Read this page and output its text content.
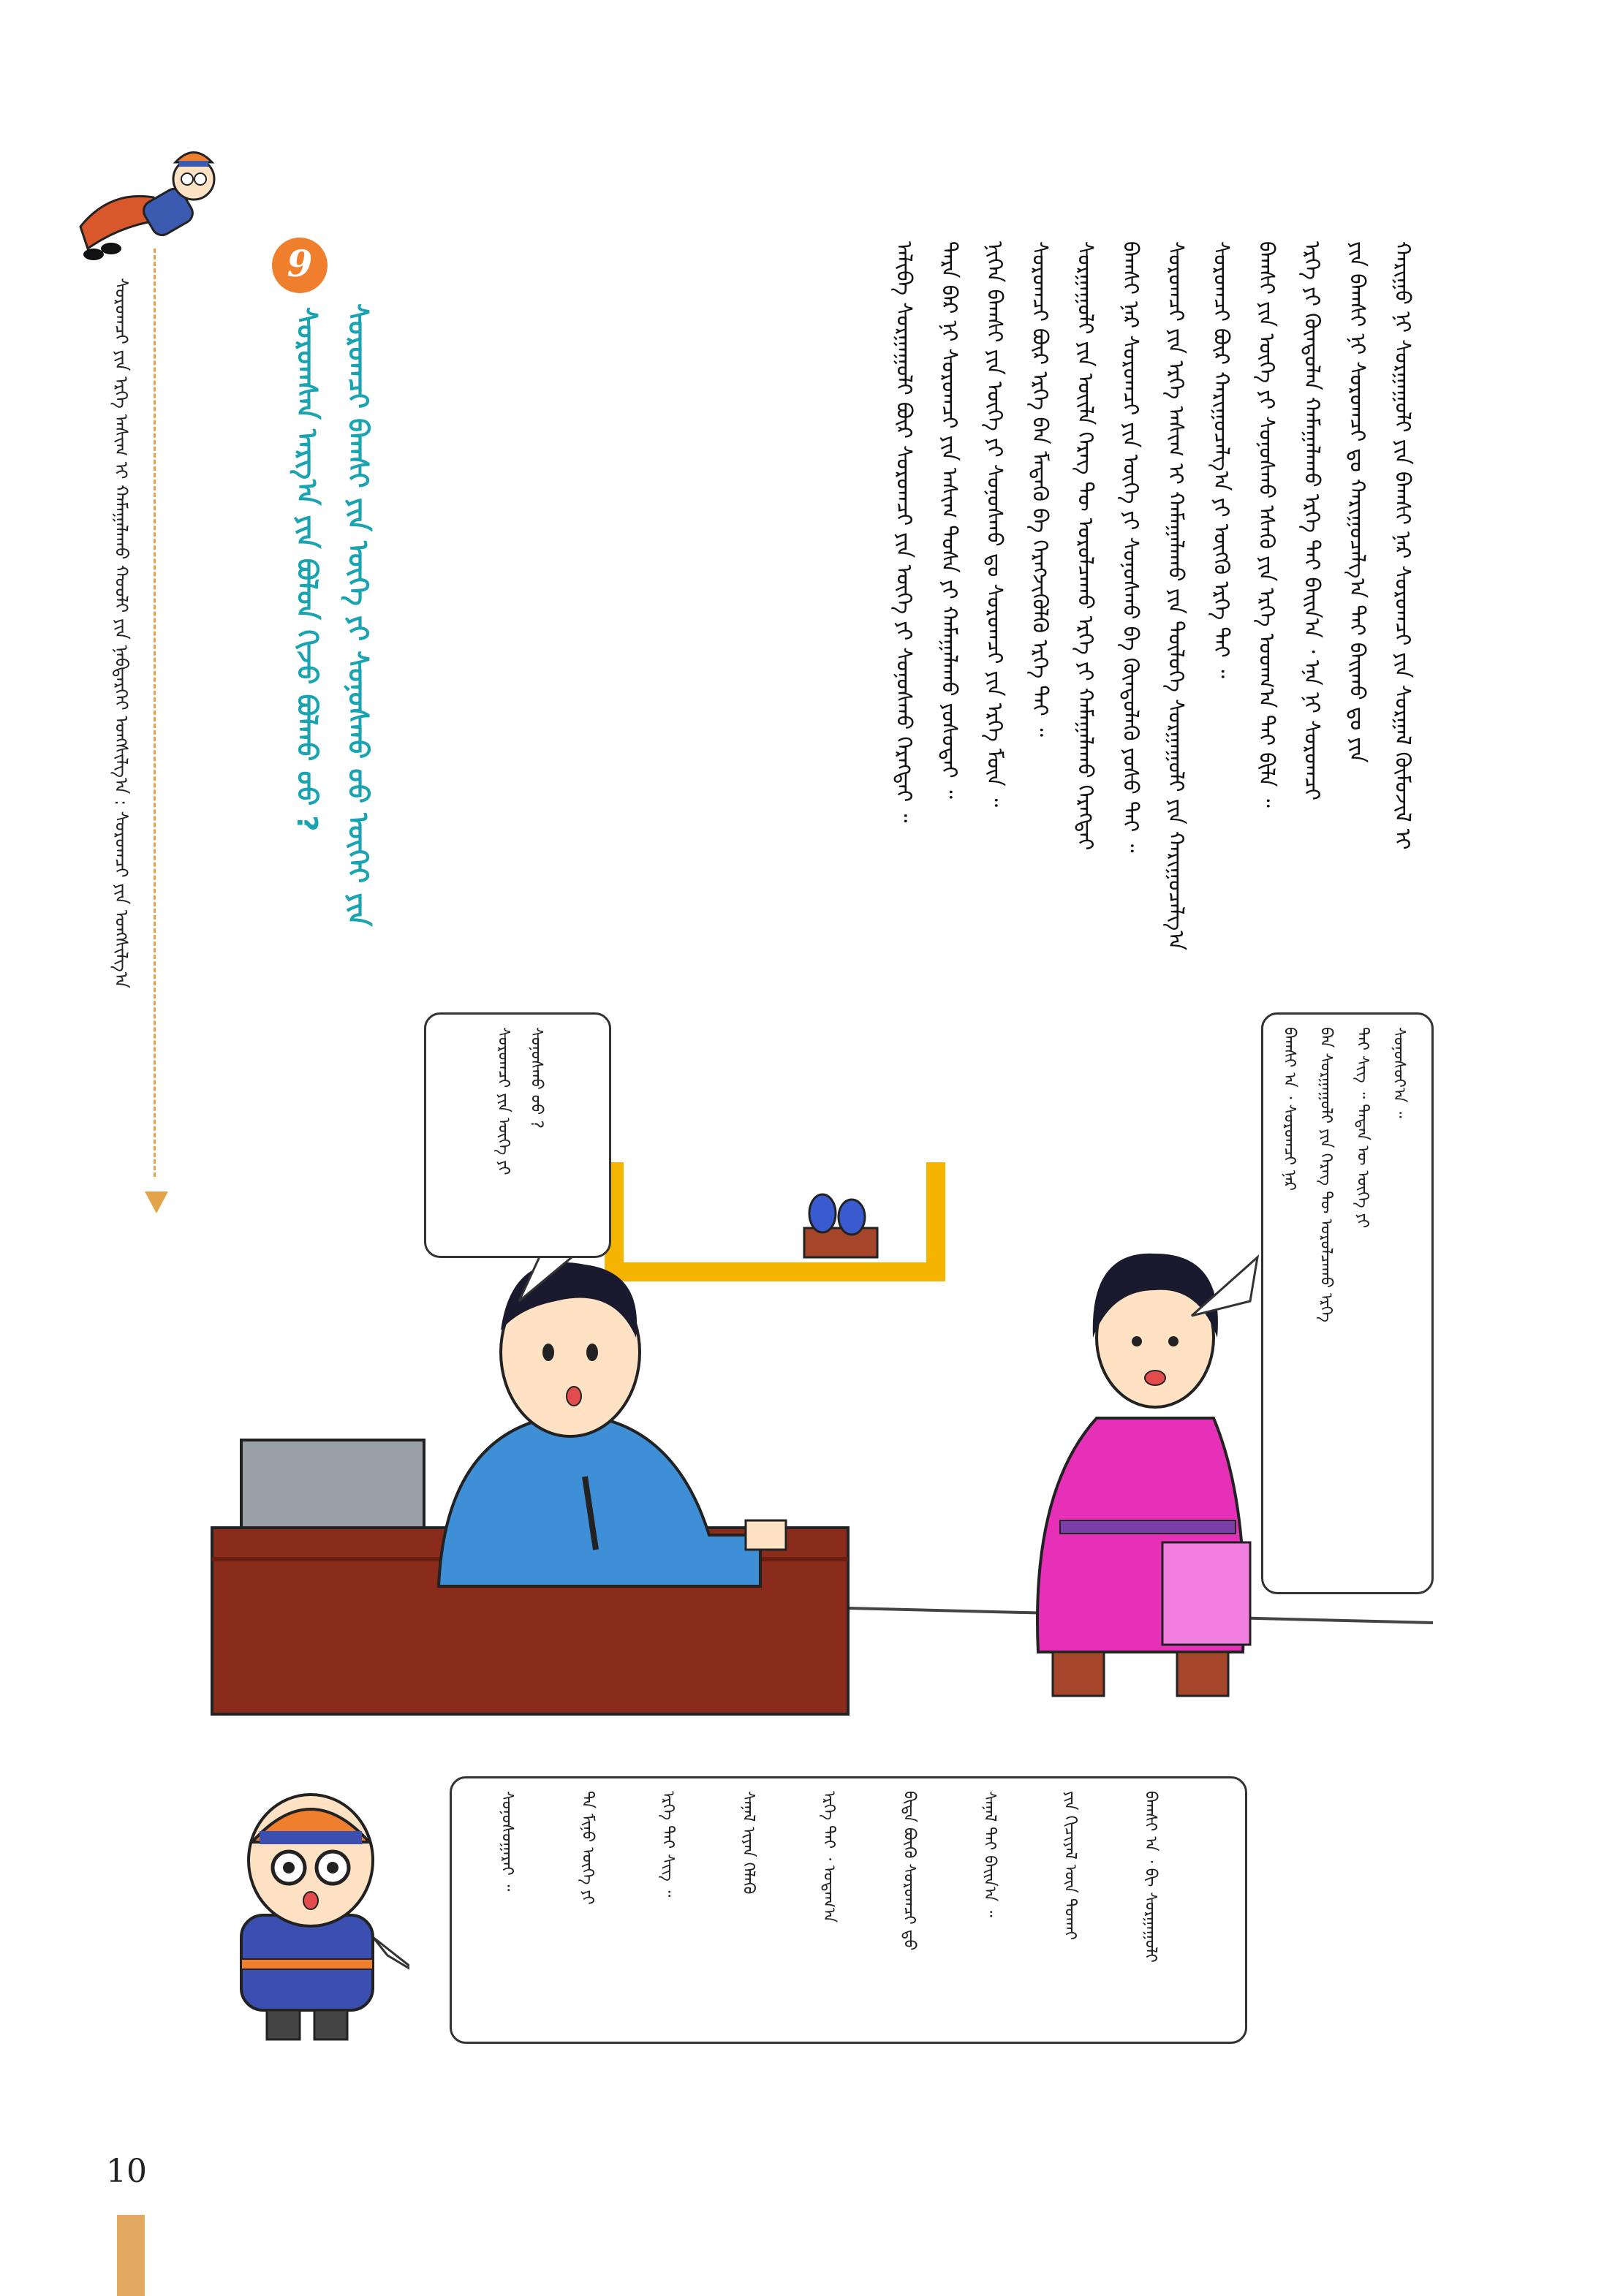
ᠰᠤᠷᠤᠭᠴᠢ ᠶᠢᠨ ᠡᠷᠬᠡ ᠠᠰᠢᠭ ᠢ ᠬᠠᠮᠠᠭᠠᠯᠠᠬᠤ ᠬᠤᠤᠯᠢ ᠶᠢᠨ ᠨᠡᠪᠲᠡᠷᠬᠡᠢ ᠤᠩᠱᠢᠯᠭ᠎ᠠ : ᠰᠤᠷᠤᠭᠴᠢ ᠶᠢᠨ ᠣᠩᠰᠢᠯᠭ᠎ᠠ
9
ᠰᠤᠷᠤᠭᠰᠠᠨ ᠠᠷᠭ᠎ᠠ ᠶᠢᠨ ᠪᠣᠯᠤᠨ ᠬᠢᠵᠦ ᠪᠣᠯᠬᠤ ᠤᠤ ? ᠰᠤᠷᠤᠭᠴᠢ ᠪᠠᠭᠰᠢ ᠶᠢᠨ ᠦᠭᠡ ᠶᠢ ᠰᠣᠨᠣᠰᠬᠤ ᠦᠦ ᠦᠭᠡᠢ ᠶᠢᠨ	ᠬᠠᠷᠢᠭᠤ ᠨᠢ ᠰᠤᠷᠭᠠᠭᠤᠯᠢ ᠶᠢᠨ ᠪᠠᠭᠰᠢ ᠨᠠᠷ ᠰᠤᠷᠤᠭᠴᠢ ᠶᠢᠨ ᠰᠤᠷᠭᠠᠯ ᠬᠦᠮᠦᠵᠢᠯ ᠢ
ᠶᠢᠨ ᠪᠠᠭᠰᠢ ᠨᠢ ᠰᠤᠷᠤᠭᠴᠢ ᠳᠤ ᠬᠠᠷᠢᠭᠤᠴᠠᠯᠭ᠎ᠠ ᠲᠠᠢ ᠪᠠᠢᠬᠤ ᠳᠤ ᠶᠢᠨ
ᠡᠷᠬᠡ ᠶᠢ ᠬᠦᠨᠳᠦᠯᠡᠨ ᠬᠠᠮᠠᠭᠠᠯᠠᠬᠤ ᠡᠷᠬᠡ ᠲᠠᠢ ᠪᠠᠢᠨ᠎ᠠ ᠂ ᠡᠨᠡ ᠨᠢ ᠰᠤᠷᠤᠭᠴᠢ
ᠪᠠᠭᠰᠢ ᠶᠢᠨ ᠦᠭᠡ ᠶᠢ ᠰᠣᠨᠣᠰᠬᠤ ᠡᠰᠡᠬᠦ ᠶᠢᠨ ᠡᠷᠬᠡ ᠤᠳᠬ᠎ᠠ ᠲᠠᠢ ᠪᠢᠯᠡ ᠃
ᠰᠤᠷᠤᠭᠴᠢ ᠪᠦᠷ ᠬᠠᠷᠢᠭᠤᠴᠠᠯᠭ᠎ᠠ ᠶᠢ ᠦᠭᠬᠦ ᠡᠷᠬᠡ ᠲᠠᠢ ᠃
ᠰᠤᠷᠤᠭᠴᠢ ᠶᠢᠨ ᠡᠷᠬᠡ ᠠᠰᠢᠭ ᠢ ᠬᠠᠮᠠᠭᠠᠯᠠᠬᠤ ᠶᠢᠨ ᠲᠥᠯᠥᠭᠡ ᠰᠤᠷᠭᠠᠭᠤᠯᠢ ᠶᠢᠨ ᠬᠠᠷᠢᠭᠤᠴᠠᠯᠭ᠎ᠠ
ᠪᠠᠭᠰᠢ ᠨᠠᠷ ᠰᠤᠷᠤᠭᠴᠢ ᠶᠢᠨ ᠦᠭᠡ ᠶᠢ ᠰᠣᠨᠣᠰᠬᠤ ᠪᠠ ᠬᠦᠨᠳᠦᠯᠡᠬᠦ ᠶᠣᠰᠣ ᠲᠠᠢ ᠃
ᠰᠤᠷᠭᠠᠭᠤᠯᠢ ᠶᠢᠨ ᠦᠢᠯᠡ ᠬᠡᠷᠡᠭ ᠲᠦ ᠣᠷᠣᠯᠴᠠᠬᠤ ᠡᠷᠬᠡ ᠶᠢ ᠬᠠᠮᠠᠭᠠᠯᠠᠬᠤ ᠬᠡᠷᠡᠭᠲᠡᠢ
ᠰᠤᠷᠤᠭᠴᠢ ᠪᠦᠷ ᠡᠷᠬᠡ ᠪᠡᠨ ᠮᠡᠳᠡᠬᠦ ᠪᠠ ᠬᠡᠷᠡᠭᠵᠢᠭᠦᠯᠬᠦ ᠡᠷᠬᠡ ᠲᠠᠢ ᠃
ᠨᠢᠭᠡᠨ ᠪᠠᠭᠰᠢ ᠶᠢᠨ ᠦᠭᠡ ᠶᠢ ᠰᠣᠨᠣᠰᠬᠤ ᠳᠤ ᠰᠤᠷᠤᠭᠴᠢ ᠶᠢᠨ ᠡᠷᠬᠡ ᠮᠥᠨ ᠃
ᠲᠡᠷᠡ ᠪᠡᠷ ᠨᠢ ᠰᠤᠷᠤᠭᠴᠢ ᠶᠢᠨ ᠠᠰᠢᠭ ᠲᠤᠰᠠ ᠶᠢ ᠬᠠᠮᠠᠭᠠᠯᠠᠬᠤ ᠶᠣᠰᠣᠲᠠᠢ ᠃
ᠠᠯᠢᠪᠠ ᠰᠤᠷᠭᠠᠭᠤᠯᠢ ᠪᠦᠷ ᠰᠤᠷᠤᠭᠴᠢ ᠶᠢᠨ ᠦᠭᠡ ᠶᠢ ᠰᠣᠨᠣᠰᠬᠤ ᠬᠡᠷᠡᠭᠲᠡᠢ ᠃
ᠰᠤᠷᠤᠭᠴᠢ ᠶᠢᠨ ᠦᠭᠡ ᠶᠢ ᠰᠣᠨᠣᠰᠬᠤ ᠤᠤ ?	ᠪᠠᠭᠰᠢ ᠠ ᠂ ᠰᠤᠷᠤᠭᠴᠢ ᠨᠠᠷ	ᠪᠠᠨ ᠰᠤᠷᠭᠠᠭᠤᠯᠢ ᠶᠢᠨ ᠬᠡᠷᠡᠭ ᠲᠦ ᠣᠷᠣᠯᠴᠠᠬᠤ ᠡᠷᠬᠡ	ᠲᠠᠢ ᠰᠢᠭ ᠃ ᠲᠡᠳᠡᠨ ᠦ ᠦᠭᠡ ᠶᠢ	ᠰᠣᠨᠣᠰᠤᠶ᠎ᠠ ᠃
ᠰᠣᠨᠣᠰᠤᠭᠠᠷᠠᠢ ᠃	ᠲᠠ ᠮᠢᠨᠦ ᠦᠭᠡ ᠶᠢ	ᠡᠷᠬᠡ ᠲᠠᠢ ᠰᠢᠭ ᠃	ᠰᠠᠨᠠᠯ ᠢᠶᠠᠨ ᠬᠡᠯᠡᠬᠦ	ᠡᠷᠬᠡ ᠲᠠᠢ ᠂ ᠤᠳᠠᠭ᠎ᠠ	ᠪᠢᠳᠡ ᠪᠦᠬᠦ ᠰᠤᠷᠤᠭᠴᠢ ᠳ᠋ᠤ	ᠰᠠᠨᠠᠯ ᠲᠠᠢ ᠪᠠᠢᠨ᠎ᠠ ᠃	ᠶᠢᠨ ᠬᠢᠴᠢᠶᠡᠯ ᠦᠨ ᠲᠤᠬᠠᠢ	ᠪᠠᠭᠰᠢ ᠠ ᠂ ᠪᠢ ᠰᠤᠷᠭᠠᠭᠤᠯᠢ
10
